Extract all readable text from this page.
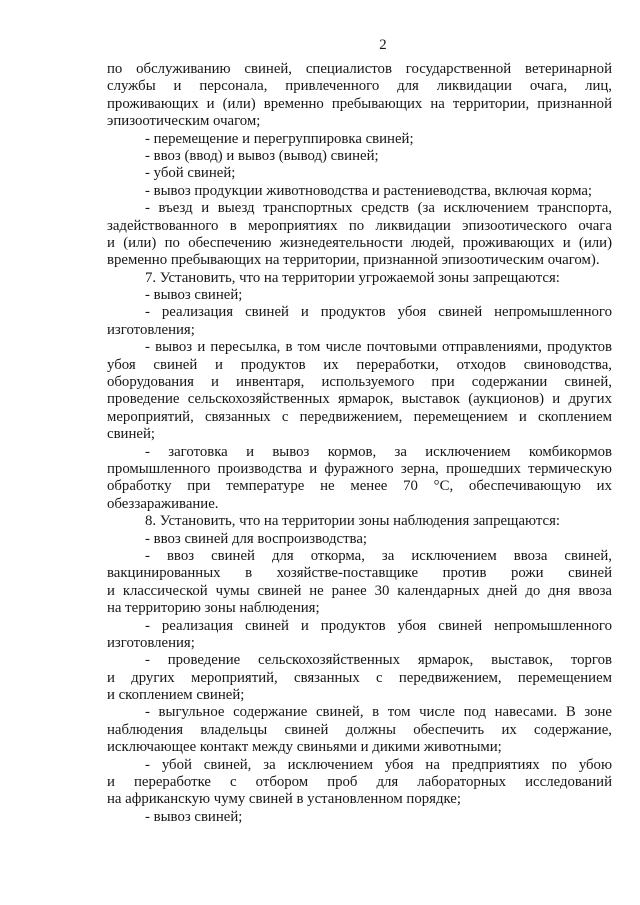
2
по обслуживанию свиней, специалистов государственной ветеринарной
службы и персонала, привлеченного для ликвидации очага, лиц,
проживающих и (или) временно пребывающих на территории, признанной
эпизоотическим очагом;
- перемещение и перегруппировка свиней;
- ввоз (ввод) и вывоз (вывод) свиней;
- убой свиней;
- вывоз продукции животноводства и растениеводства, включая корма;
- въезд и выезд транспортных средств (за исключением транспорта,
задействованного в мероприятиях по ликвидации эпизоотического очага
и (или) по обеспечению жизнедеятельности людей, проживающих и (или)
временно пребывающих на территории, признанной эпизоотическим очагом).
7. Установить, что на территории угрожаемой зоны запрещаются:
- вывоз свиней;
- реализация свиней и продуктов убоя свиней непромышленного
изготовления;
- вывоз и пересылка, в том числе почтовыми отправлениями, продуктов
убоя свиней и продуктов их переработки, отходов свиноводства,
оборудования и инвентаря, используемого при содержании свиней,
проведение сельскохозяйственных ярмарок, выставок (аукционов) и других
мероприятий, связанных с передвижением, перемещением и скоплением
свиней;
- заготовка и вывоз кормов, за исключением комбикормов
промышленного производства и фуражного зерна, прошедших термическую
обработку при температуре не менее 70 °С, обеспечивающую их
обеззараживание.
8. Установить, что на территории зоны наблюдения запрещаются:
- ввоз свиней для воспроизводства;
- ввоз свиней для откорма, за исключением ввоза свиней,
вакцинированных в хозяйстве-поставщике против рожи свиней
и классической чумы свиней не ранее 30 календарных дней до дня ввоза
на территорию зоны наблюдения;
- реализация свиней и продуктов убоя свиней непромышленного
изготовления;
- проведение сельскохозяйственных ярмарок, выставок, торгов
и других мероприятий, связанных с передвижением, перемещением
и скоплением свиней;
- выгульное содержание свиней, в том числе под навесами. В зоне
наблюдения владельцы свиней должны обеспечить их содержание,
исключающее контакт между свиньями и дикими животными;
- убой свиней, за исключением убоя на предприятиях по убою
и переработке с отбором проб для лабораторных исследований
на африканскую чуму свиней в установленном порядке;
- вывоз свиней;
